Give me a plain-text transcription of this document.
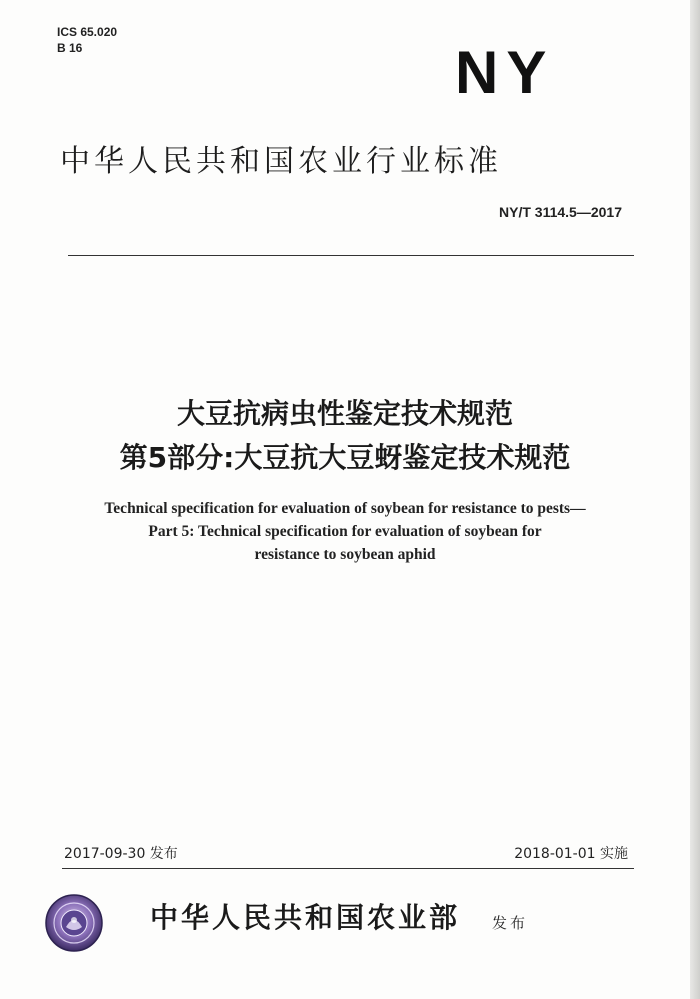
ICS 65.020
B 16	NY
中华人民共和国农业行业标准
NY/T 3114.5—2017
大豆抗病虫性鉴定技术规范
第5部分:大豆抗大豆蚜鉴定技术规范
Technical specification for evaluation of soybean for resistance to pests—
Part 5: Technical specification for evaluation of soybean for
resistance to soybean aphid
2017-09-30 发布	2018-01-01 实施
中华人民共和国农业部 发布
